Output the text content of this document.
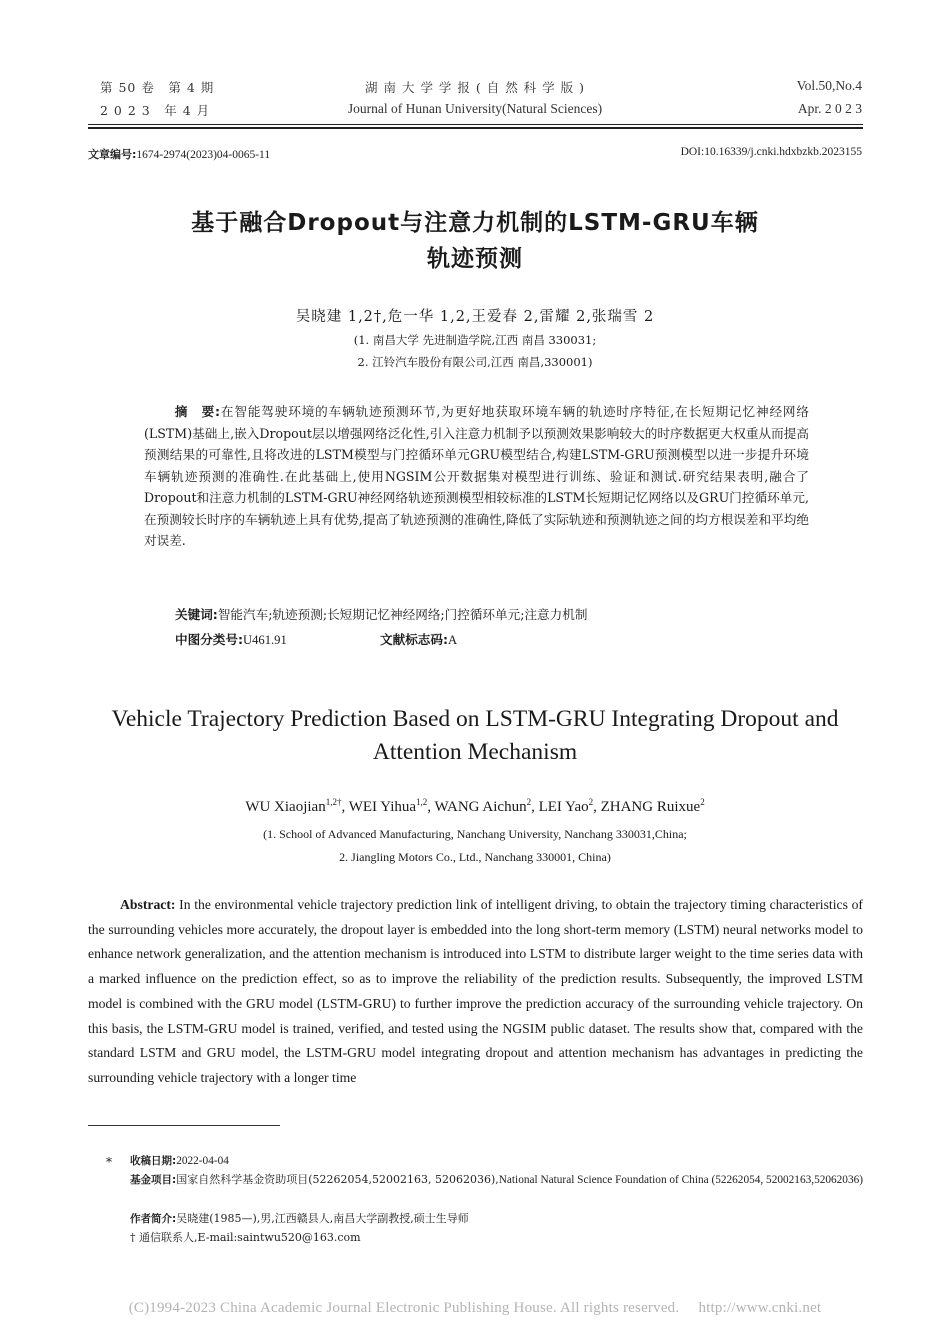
第 50 卷　第 4 期
2 0 2 3　年 4 月
湖 南 大 学 学 报 ( 自 然 科 学 版 )
Journal of Hunan University(Natural Sciences)
Vol.50,No.4
Apr. 2 0 2 3
文章编号:1674-2974(2023)04-0065-11	DOI:10.16339/j.cnki.hdxbzkb.2023155
基于融合Dropout与注意力机制的LSTM-GRU车辆
轨迹预测
吴晓建 1,2†,危一华 1,2,王爱春 2,雷耀 2,张瑞雪 2
(1. 南昌大学 先进制造学院,江西 南昌 330031;
2. 江铃汽车股份有限公司,江西 南昌,330001)
摘　要:在智能驾驶环境的车辆轨迹预测环节,为更好地获取环境车辆的轨迹时序特征,在长短期记忆神经网络(LSTM)基础上,嵌入Dropout层以增强网络泛化性,引入注意力机制予以预测效果影响较大的时序数据更大权重从而提高预测结果的可靠性,且将改进的LSTM模型与门控循环单元GRU模型结合,构建LSTM-GRU预测模型以进一步提升环境车辆轨迹预测的准确性.在此基础上,使用NGSIM公开数据集对模型进行训练、验证和测试.研究结果表明,融合了Dropout和注意力机制的LSTM-GRU神经网络轨迹预测模型相较标准的LSTM长短期记忆网络以及GRU门控循环单元,在预测较长时序的车辆轨迹上具有优势,提高了轨迹预测的准确性,降低了实际轨迹和预测轨迹之间的均方根误差和平均绝对误差.
关键词:智能汽车;轨迹预测;长短期记忆神经网络;门控循环单元;注意力机制
中图分类号:U461.91	文献标志码:A
Vehicle Trajectory Prediction Based on LSTM-GRU Integrating Dropout and
Attention Mechanism
WU Xiaojian$^{1,2\dagger}$, WEI Yihua$^{1,2}$, WANG Aichun$^2$, LEI Yao$^2$, ZHANG Ruixue$^2$
(1. School of Advanced Manufacturing, Nanchang University, Nanchang 330031,China;
2. Jiangling Motors Co., Ltd., Nanchang 330001, China)
Abstract: In the environmental vehicle trajectory prediction link of intelligent driving, to obtain the trajectory timing characteristics of the surrounding vehicles more accurately, the dropout layer is embedded into the long short-term memory (LSTM) neural networks model to enhance network generalization, and the attention mechanism is introduced into LSTM to distribute larger weight to the time series data with a marked influence on the prediction effect, so as to improve the reliability of the prediction results. Subsequently, the improved LSTM model is combined with the GRU model (LSTM-GRU) to further improve the prediction accuracy of the surrounding vehicle trajectory. On this basis, the LSTM-GRU model is trained, verified, and tested using the NGSIM public dataset. The results show that, compared with the standard LSTM and GRU model, the LSTM-GRU model integrating dropout and attention mechanism has advantages in predicting the surrounding vehicle trajectory with a longer time
* 收稿日期:2022-04-04
基金项目:国家自然科学基金资助项目(52262054,52002163, 52062036),National Natural Science Foundation of China (52262054, 52002163,52062036)
作者简介:吴晓建(1985—),男,江西赣县人,南昌大学副教授,硕士生导师
† 通信联系人,E-mail:saintwu520@163.com
(C)1994-2023 China Academic Journal Electronic Publishing House. All rights reserved.　 http://www.cnki.net
